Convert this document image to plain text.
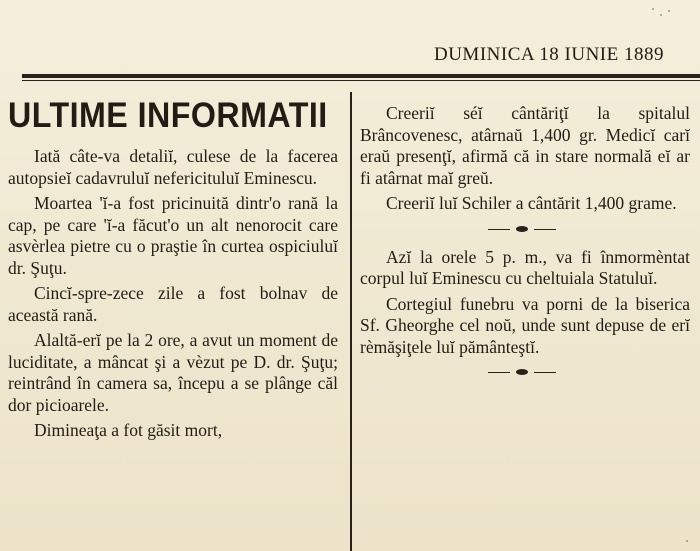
DUMINICA 18 IUNIE 1889
ULTIME INFORMATII

Iată câte-va detaliĭ, culese de la facerea autopsieĭ cadavruluĭ nefericituluĭ Eminescu.

Moartea 'ĭ-a fost pricinuită dintr'o rană la cap, pe care 'ĭ-a făcut'o un alt nenorocit care asvèrlea pietre cu o praştie în curtea ospiciuluĭ dr. Şuţu.

Cincĭ-spre-zece zile a fost bolnav de această rană.

Alaltă-erĭ pe la 2 ore, a avut un moment de luciditate, a mâncat şi a vèzut pe D. dr. Şuţu; reintrând în camera sa, începu a se plânge căl dor picioarele.

Dimineaţa a fot găsit mort,

Creeriĭ séĭ cântăriţĭ la spitalul Brâncovenesc, atârnaŭ 1,400 gr. Medicĭ carĭ eraŭ presenţĭ, afirmă că in stare normală eĭ ar fi atârnat maĭ greŭ.

Creeriĭ luĭ Schiler a cântărit 1,400 grame.

Azĭ la orele 5 p. m., va fi înmormèntat corpul luĭ Eminescu cu cheltuiala Statuluĭ.

Cortegiul funebru va porni de la biserica Sf. Gheorghe cel noŭ, unde sunt depuse de erĭ rèmăşiţele luĭ pământeştĭ.
